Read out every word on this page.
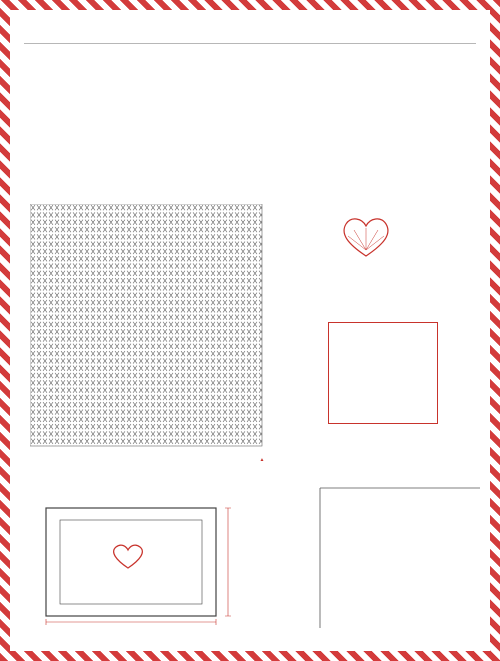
▲
